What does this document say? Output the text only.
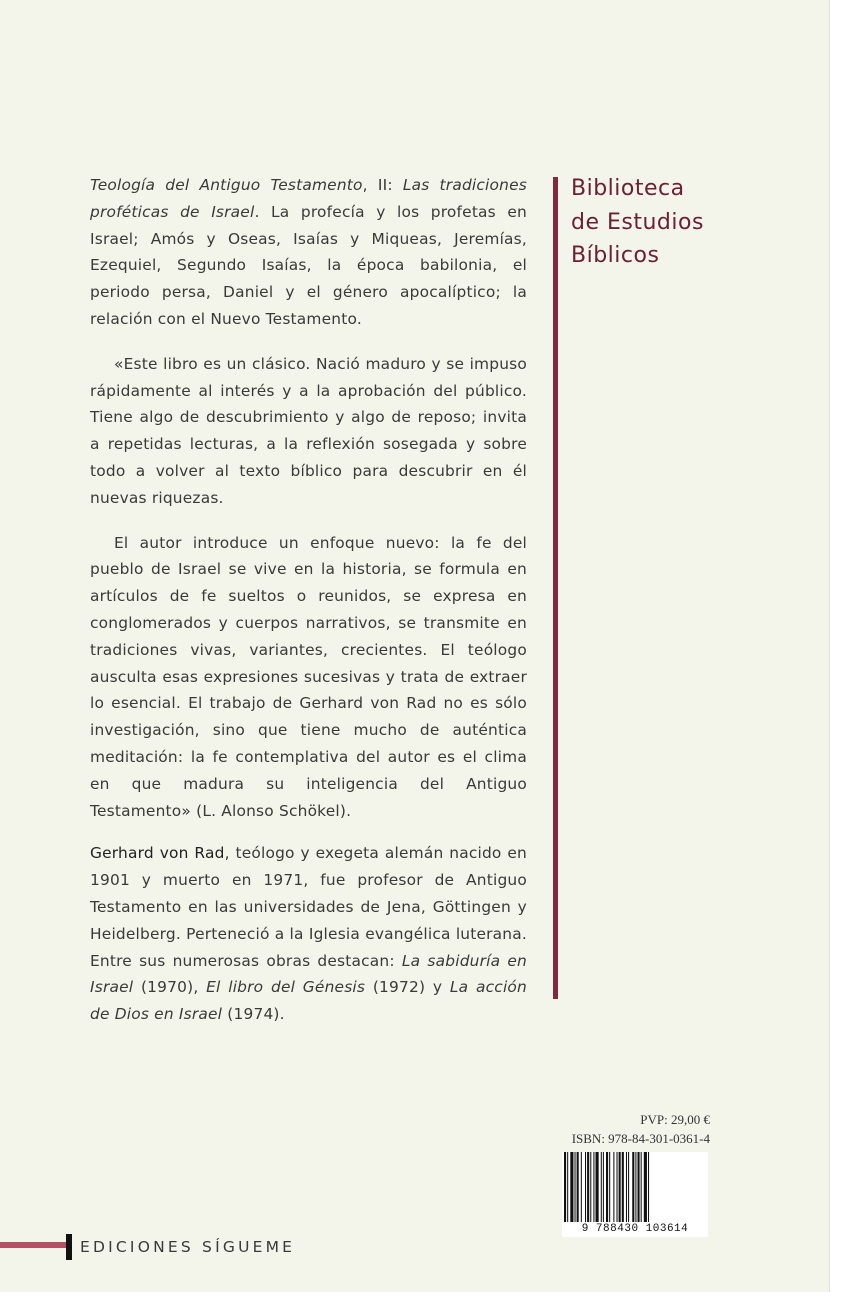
Teología del Antiguo Testamento, II: Las tradiciones proféticas de Israel. La profecía y los profetas en Israel; Amós y Oseas, Isaías y Miqueas, Jeremías, Ezequiel, Segundo Isaías, la época babilonia, el periodo persa, Daniel y el género apocalíptico; la relación con el Nuevo Testamento.

«Este libro es un clásico. Nació maduro y se impuso rápidamente al interés y a la aprobación del público. Tiene algo de descubrimiento y algo de reposo; invita a repetidas lecturas, a la reflexión sosegada y sobre todo a volver al texto bíblico para descubrir en él nuevas riquezas.

El autor introduce un enfoque nuevo: la fe del pueblo de Israel se vive en la historia, se formula en artículos de fe sueltos o reunidos, se expresa en conglomerados y cuerpos narrativos, se transmite en tradiciones vivas, variantes, crecientes. El teólogo ausculta esas expresiones sucesivas y trata de extraer lo esencial. El trabajo de Gerhard von Rad no es sólo investigación, sino que tiene mucho de auténtica meditación: la fe contemplativa del autor es el clima en que madura su inteligencia del Antiguo Testamento» (L. Alonso Schökel).

Gerhard von Rad, teólogo y exegeta alemán nacido en 1901 y muerto en 1971, fue profesor de Antiguo Testamento en las universidades de Jena, Göttingen y Heidelberg. Perteneció a la Iglesia evangélica luterana. Entre sus numerosas obras destacan: La sabiduría en Israel (1970), El libro del Génesis (1972) y La acción de Dios en Israel (1974).

Biblioteca
de Estudios
Bíblicos
PVP: 29,00 €
ISBN: 978-84-301-0361-4
9 788430 103614
EDICIONES SÍGUEME
